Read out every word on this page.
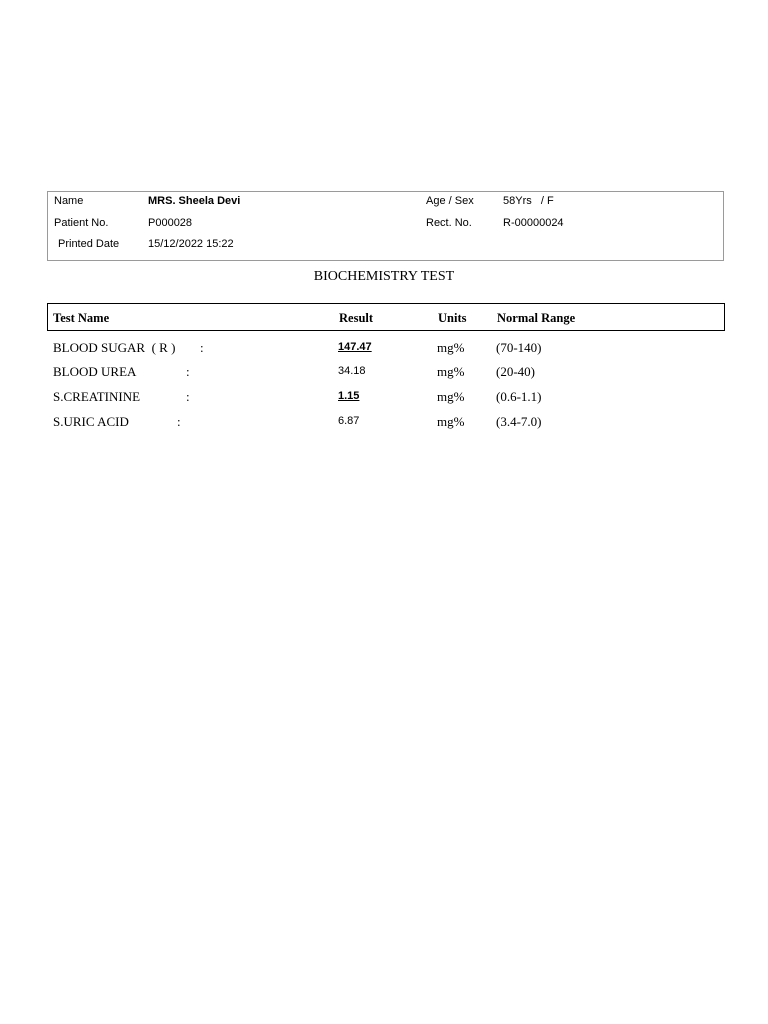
Name	MRS. Sheela Devi	Age / Sex	58Yrs   / F
Patient No.	P000028	Rect. No.	R-00000024
Printed Date	15/12/2022 15:22
BIOCHEMISTRY TEST
Test Name	Result	Units Normal Range
BLOOD SUGAR  ( R ) :	147.47	mg% (70-140)
BLOOD UREA	:	34.18	mg% (20-40)
S.CREATININE	:	1.15	mg% (0.6-1.1)
S.URIC ACID	:	6.87	mg% (3.4-7.0)
